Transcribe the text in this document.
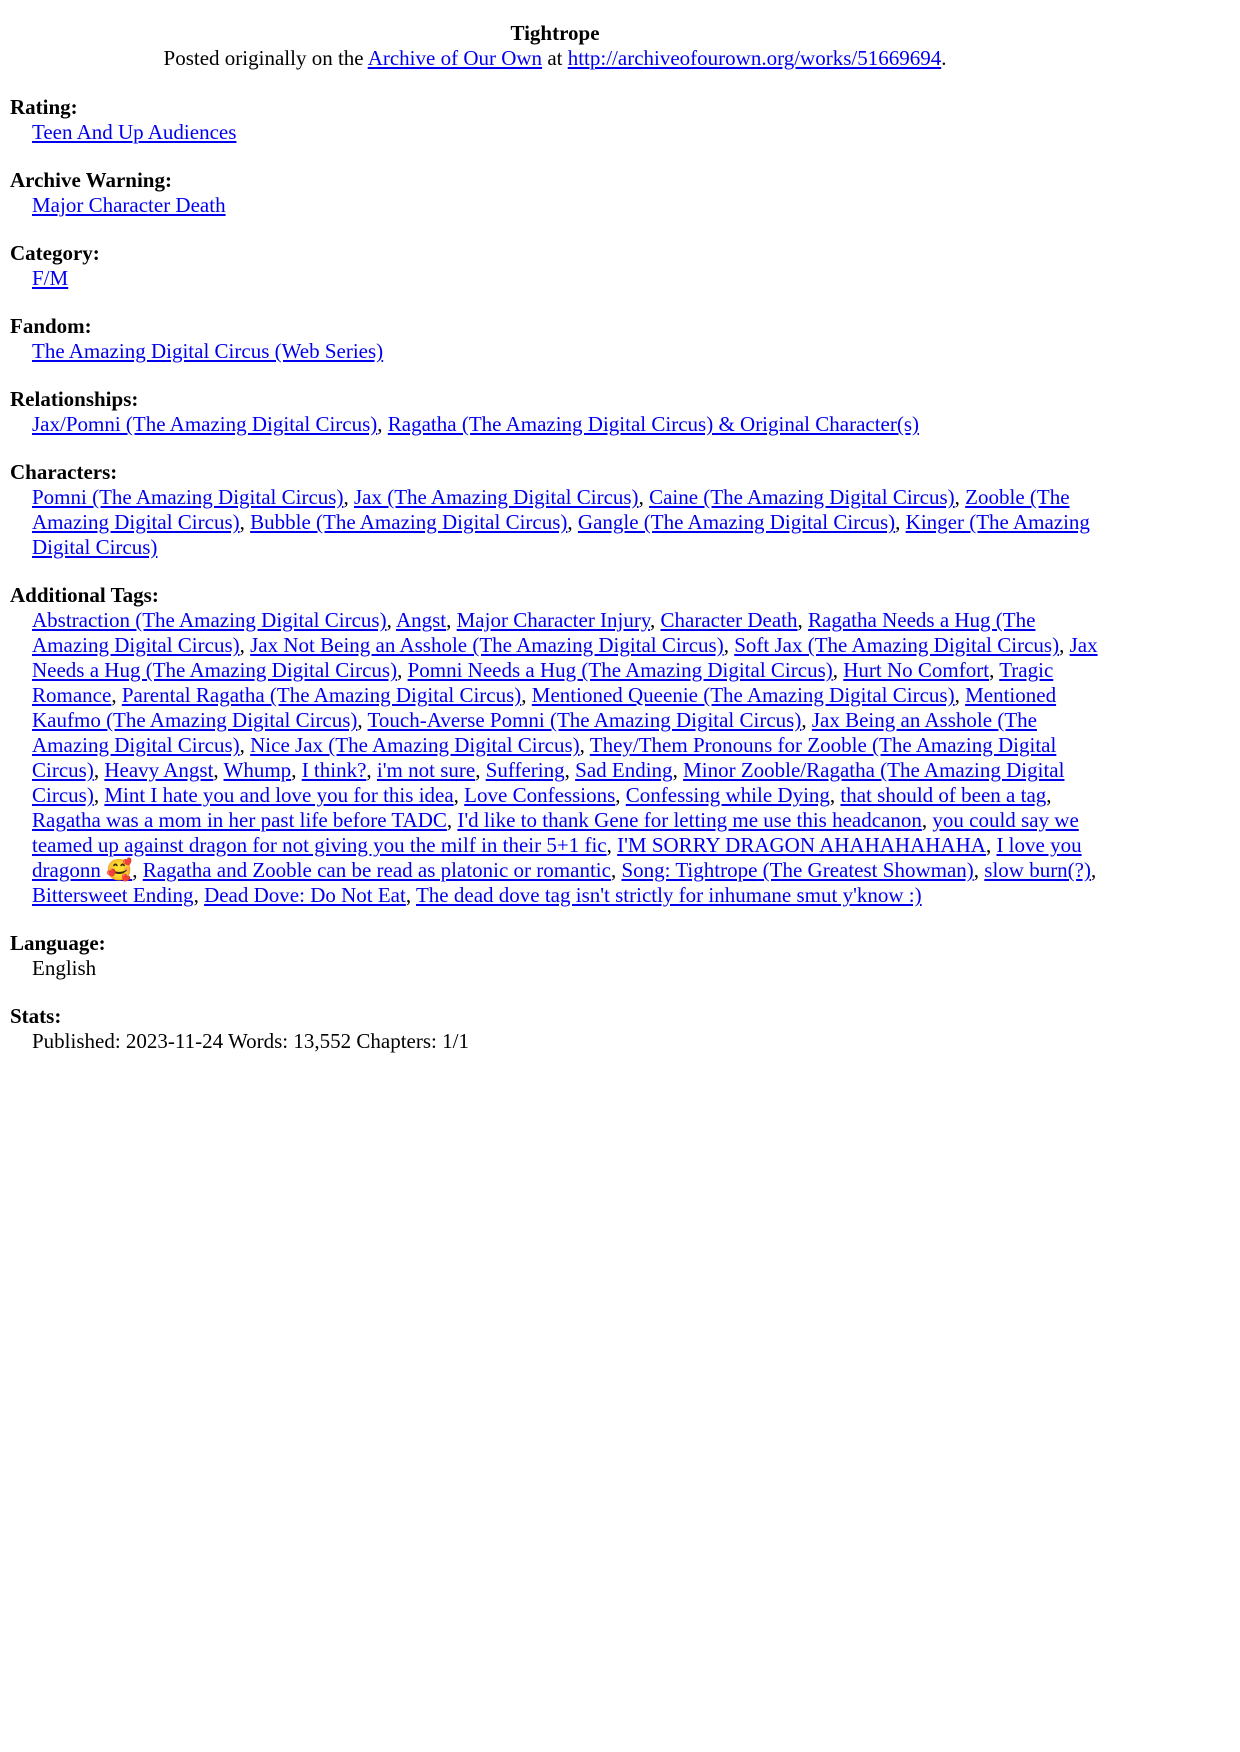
Tightrope
Posted originally on the Archive of Our Own at http://archiveofourown.org/works/51669694.

Rating:
Teen And Up Audiences
Archive Warning:
Major Character Death
Category:
F/M
Fandom:
The Amazing Digital Circus (Web Series)
Relationships:
Jax/Pomni (The Amazing Digital Circus), Ragatha (The Amazing Digital Circus) & Original Character(s)
Characters:
Pomni (The Amazing Digital Circus), Jax (The Amazing Digital Circus), Caine (The Amazing Digital Circus), Zooble (The Amazing Digital Circus), Bubble (The Amazing Digital Circus), Gangle (The Amazing Digital Circus), Kinger (The Amazing Digital Circus)
Additional Tags:
Abstraction (The Amazing Digital Circus), Angst, Major Character Injury, Character Death, Ragatha Needs a Hug (The Amazing Digital Circus), Jax Not Being an Asshole (The Amazing Digital Circus), Soft Jax (The Amazing Digital Circus), Jax Needs a Hug (The Amazing Digital Circus), Pomni Needs a Hug (The Amazing Digital Circus), Hurt No Comfort, Tragic Romance, Parental Ragatha (The Amazing Digital Circus), Mentioned Queenie (The Amazing Digital Circus), Mentioned Kaufmo (The Amazing Digital Circus), Touch-Averse Pomni (The Amazing Digital Circus), Jax Being an Asshole (The Amazing Digital Circus), Nice Jax (The Amazing Digital Circus), They/Them Pronouns for Zooble (The Amazing Digital Circus), Heavy Angst, Whump, I think?, i'm not sure, Suffering, Sad Ending, Minor Zooble/Ragatha (The Amazing Digital Circus), Mint I hate you and love you for this idea, Love Confessions, Confessing while Dying, that should of been a tag, Ragatha was a mom in her past life before TADC, I'd like to thank Gene for letting me use this headcanon, you could say we teamed up against dragon for not giving you the milf in their 5+1 fic, I'M SORRY DRAGON AHAHAHAHAHA, I love you dragonn 🥰, Ragatha and Zooble can be read as platonic or romantic, Song: Tightrope (The Greatest Showman), slow burn(?), Bittersweet Ending, Dead Dove: Do Not Eat, The dead dove tag isn't strictly for inhumane smut y'know :)
Language:
English
Stats:
Published: 2023-11-24 Words: 13,552 Chapters: 1/1
